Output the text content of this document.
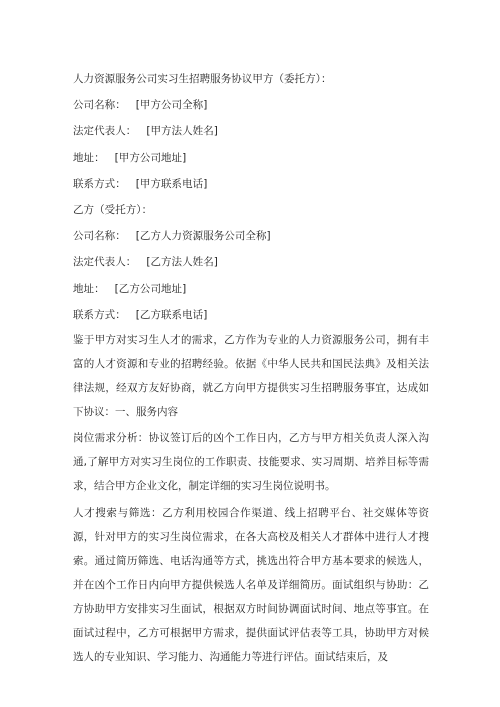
人力资源服务公司实习生招聘服务协议甲方（委托方）：
公司名称： [甲方公司全称]
法定代表人： [甲方法人姓名]
地址： [甲方公司地址]
联系方式： [甲方联系电话]
乙方（受托方）：
公司名称： [乙方人力资源服务公司全称]
法定代表人： [乙方法人姓名]
地址： [乙方公司地址]
联系方式： [乙方联系电话]

鉴于甲方对实习生人才的需求，乙方作为专业的人力资源服务公司，拥有丰富的人才资源和专业的招聘经验。依据《中华人民共和国民法典》及相关法律法规，经双方友好协商，就乙方向甲方提供实习生招聘服务事宜，达成如下协议：一、服务内容

岗位需求分析：协议签订后的凶个工作日内，乙方与甲方相关负责人深入沟通,了解甲方对实习生岗位的工作职责、技能要求、实习周期、培养目标等需求，结合甲方企业文化，制定详细的实习生岗位说明书。

人才搜索与筛选：乙方利用校园合作渠道、线上招聘平台、社交媒体等资源，针对甲方的实习生岗位需求，在各大高校及相关人才群体中进行人才搜索。通过简历筛选、电话沟通等方式，挑选出符合甲方基本要求的候选人，并在凶个工作日内向甲方提供候选人名单及详细简历。面试组织与协助：乙方协助甲方安排实习生面试，根据双方时间协调面试时间、地点等事宜。在面试过程中，乙方可根据甲方需求，提供面试评估表等工具，协助甲方对候选人的专业知识、学习能力、沟通能力等进行评估。面试结束后，及
